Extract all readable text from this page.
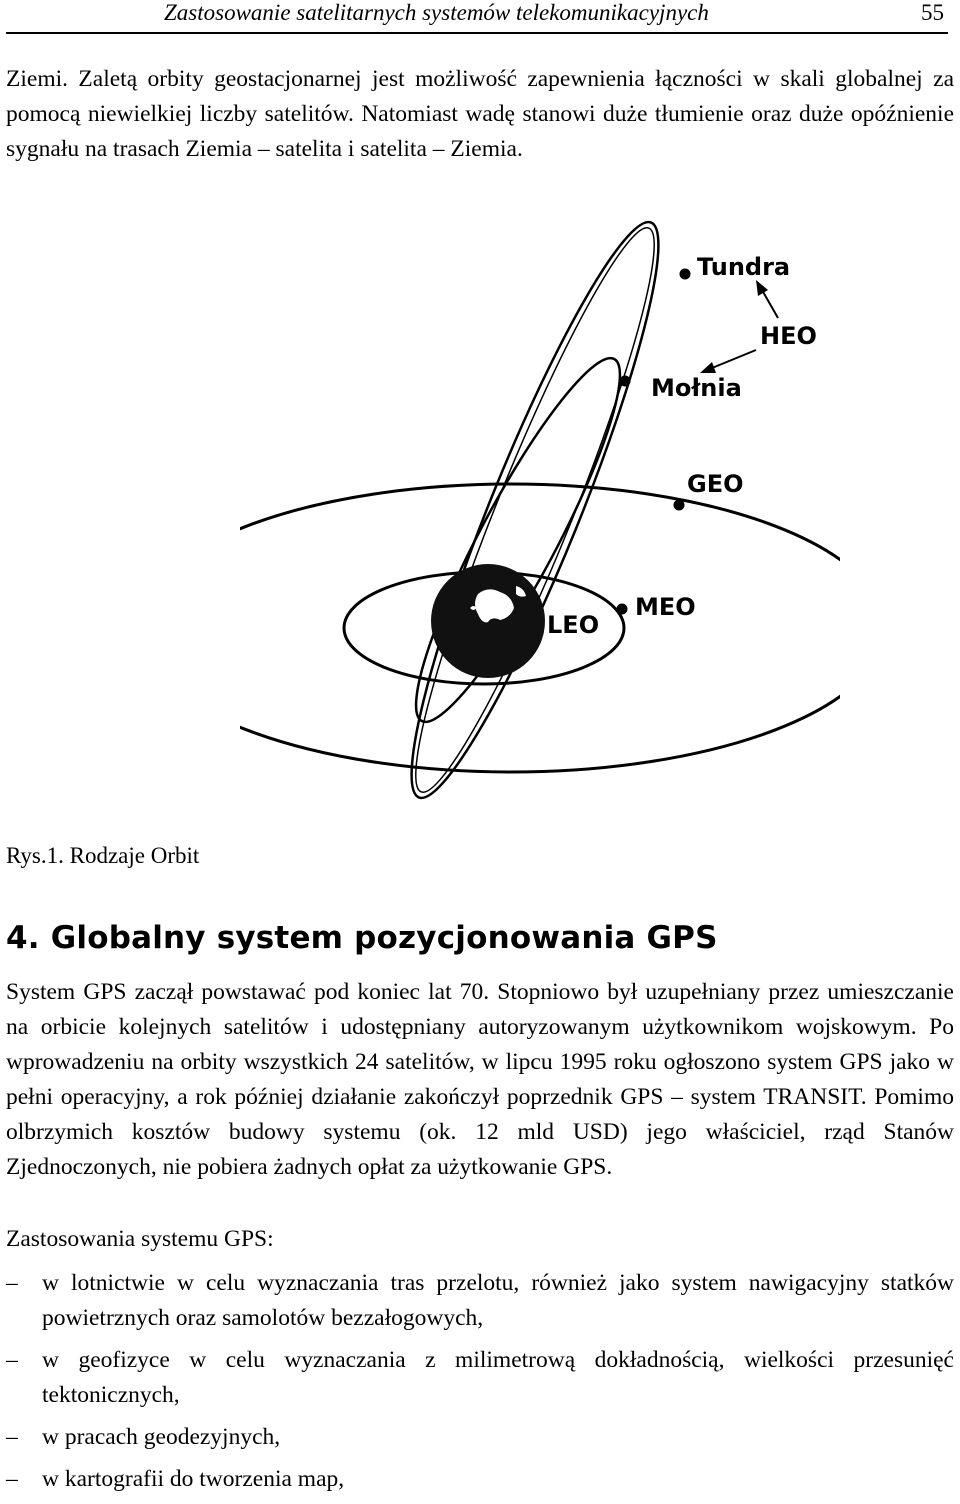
Zastosowanie satelitarnych systemów telekomunikacyjnych	55

Ziemi. Zaletą orbity geostacjonarnej jest możliwość zapewnienia łączności w skali globalnej za pomocą niewielkiej liczby satelitów. Natomiast wadę stanowi duże tłumienie oraz duże opóźnienie sygnału na trasach Ziemia – satelita i satelita – Ziemia.

Tundra
HEO
Mołnia
GEO
MEO
LEO
Rys.1. Rodzaje Orbit
4. Globalny system pozycjonowania GPS

System GPS zaczął powstawać pod koniec lat 70. Stopniowo był uzupełniany przez umieszczanie na orbicie kolejnych satelitów i udostępniany autoryzowanym użytkownikom wojskowym. Po wprowadzeniu na orbity wszystkich 24 satelitów, w lipcu 1995 roku ogłoszono system GPS jako w pełni operacyjny, a rok później działanie zakończył poprzednik GPS – system TRANSIT. Pomimo olbrzymich kosztów budowy systemu (ok. 12 mld USD) jego właściciel, rząd Stanów Zjednoczonych, nie pobiera żadnych opłat za użytkowanie GPS.

Zastosowania systemu GPS:

– w lotnictwie w celu wyznaczania tras przelotu, również jako system nawigacyjny statków powietrznych oraz samolotów bezzałogowych,
– w geofizyce w celu wyznaczania z milimetrową dokładnością, wielkości przesunięć tektonicznych,
– w pracach geodezyjnych,
– w kartografii do tworzenia map,
